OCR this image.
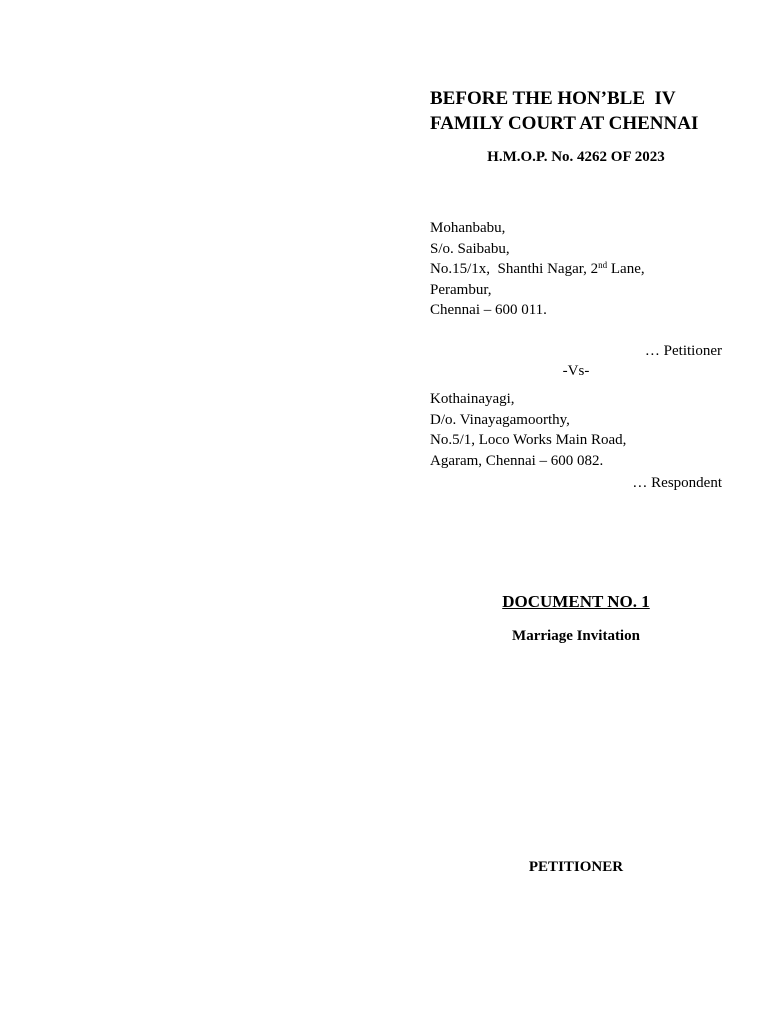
BEFORE THE HON’BLE  IV
FAMILY COURT AT CHENNAI

H.M.O.P. No. 4262 OF 2023

Mohanbabu,
S/o. Saibabu,
No.15/1x,  Shanthi Nagar, 2nd Lane,
Perambur,
Chennai – 600 011.

… Petitioner

-Vs-

Kothainayagi,
D/o. Vinayagamoorthy,
No.5/1, Loco Works Main Road,
Agaram, Chennai – 600 082.

… Respondent

DOCUMENT NO. 1

Marriage Invitation

PETITIONER
